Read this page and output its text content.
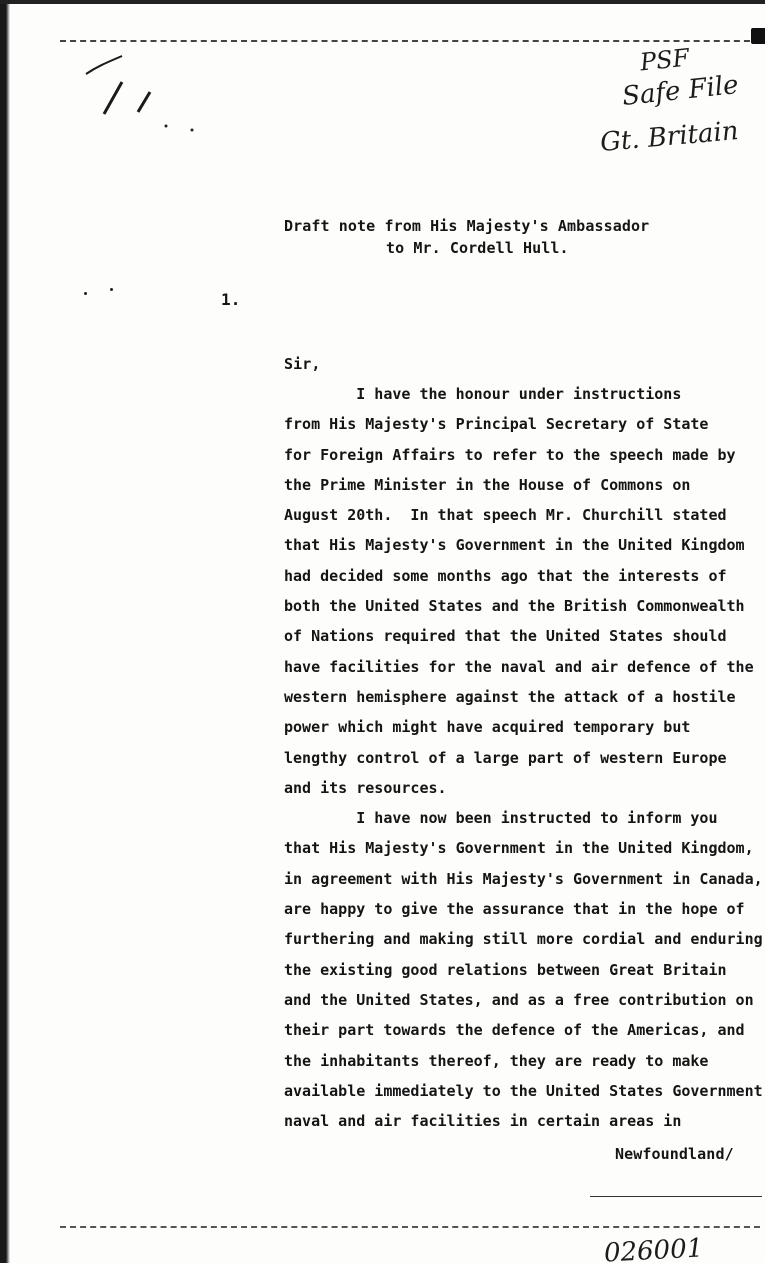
PSF
Safe File
Gt. Britain
Draft note from His Majesty's Ambassador
to Mr. Cordell Hull.
1.
Sir,
I have the honour under instructions
from His Majesty's Principal Secretary of State
for Foreign Affairs to refer to the speech made by
the Prime Minister in the House of Commons on
August 20th.  In that speech Mr. Churchill stated
that His Majesty's Government in the United Kingdom
had decided some months ago that the interests of
both the United States and the British Commonwealth
of Nations required that the United States should
have facilities for the naval and air defence of the
western hemisphere against the attack of a hostile
power which might have acquired temporary but
lengthy control of a large part of western Europe
and its resources.
I have now been instructed to inform you
that His Majesty's Government in the United Kingdom,
in agreement with His Majesty's Government in Canada,
are happy to give the assurance that in the hope of
furthering and making still more cordial and enduring
the existing good relations between Great Britain
and the United States, and as a free contribution on
their part towards the defence of the Americas, and
the inhabitants thereof, they are ready to make
available immediately to the United States Government
naval and air facilities in certain areas in
Newfoundland/
026001
